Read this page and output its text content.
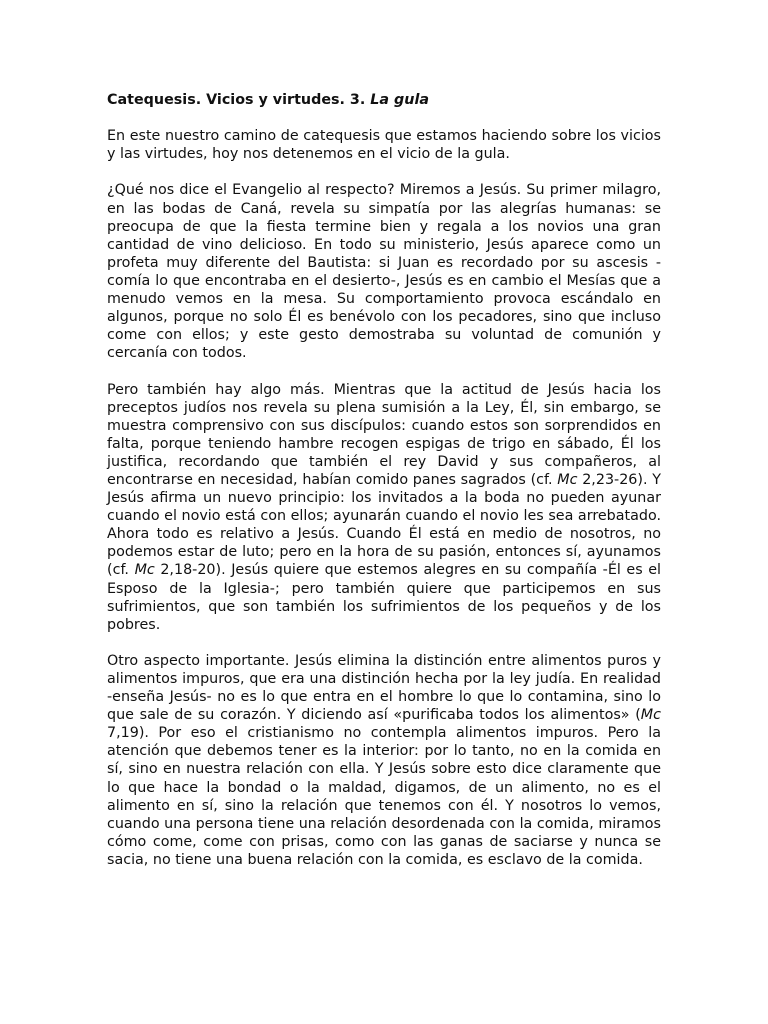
Catequesis. Vicios y virtudes. 3. La gula

En este nuestro camino de catequesis que estamos haciendo sobre los vicios y las virtudes, hoy nos detenemos en el vicio de la gula.

¿Qué nos dice el Evangelio al respecto? Miremos a Jesús. Su primer milagro, en las bodas de Caná, revela su simpatía por las alegrías humanas: se preocupa de que la fiesta termine bien y regala a los novios una gran cantidad de vino delicioso. En todo su ministerio, Jesús aparece como un profeta muy diferente del Bautista: si Juan es recordado por su ascesis -comía lo que encontraba en el desierto-, Jesús es en cambio el Mesías que a menudo vemos en la mesa. Su comportamiento provoca escándalo en algunos, porque no solo Él es benévolo con los pecadores, sino que incluso come con ellos; y este gesto demostraba su voluntad de comunión y cercanía con todos.

Pero también hay algo más. Mientras que la actitud de Jesús hacia los preceptos judíos nos revela su plena sumisión a la Ley, Él, sin embargo, se muestra comprensivo con sus discípulos: cuando estos son sorprendidos en falta, porque teniendo hambre recogen espigas de trigo en sábado, Él los justifica, recordando que también el rey David y sus compañeros, al encontrarse en necesidad, habían comido panes sagrados (cf. Mc 2,23-26). Y Jesús afirma un nuevo principio: los invitados a la boda no pueden ayunar cuando el novio está con ellos; ayunarán cuando el novio les sea arrebatado. Ahora todo es relativo a Jesús. Cuando Él está en medio de nosotros, no podemos estar de luto; pero en la hora de su pasión, entonces sí, ayunamos (cf. Mc 2,18-20). Jesús quiere que estemos alegres en su compañía -Él es el Esposo de la Iglesia-; pero también quiere que participemos en sus sufrimientos, que son también los sufrimientos de los pequeños y de los pobres.

Otro aspecto importante. Jesús elimina la distinción entre alimentos puros y alimentos impuros, que era una distinción hecha por la ley judía. En realidad -enseña Jesús- no es lo que entra en el hombre lo que lo contamina, sino lo que sale de su corazón. Y diciendo así «purificaba todos los alimentos» (Mc 7,19). Por eso el cristianismo no contempla alimentos impuros. Pero la atención que debemos tener es la interior: por lo tanto, no en la comida en sí, sino en nuestra relación con ella. Y Jesús sobre esto dice claramente que lo que hace la bondad o la maldad, digamos, de un alimento, no es el alimento en sí, sino la relación que tenemos con él. Y nosotros lo vemos, cuando una persona tiene una relación desordenada con la comida, miramos cómo come, come con prisas, como con las ganas de saciarse y nunca se sacia, no tiene una buena relación con la comida, es esclavo de la comida.
